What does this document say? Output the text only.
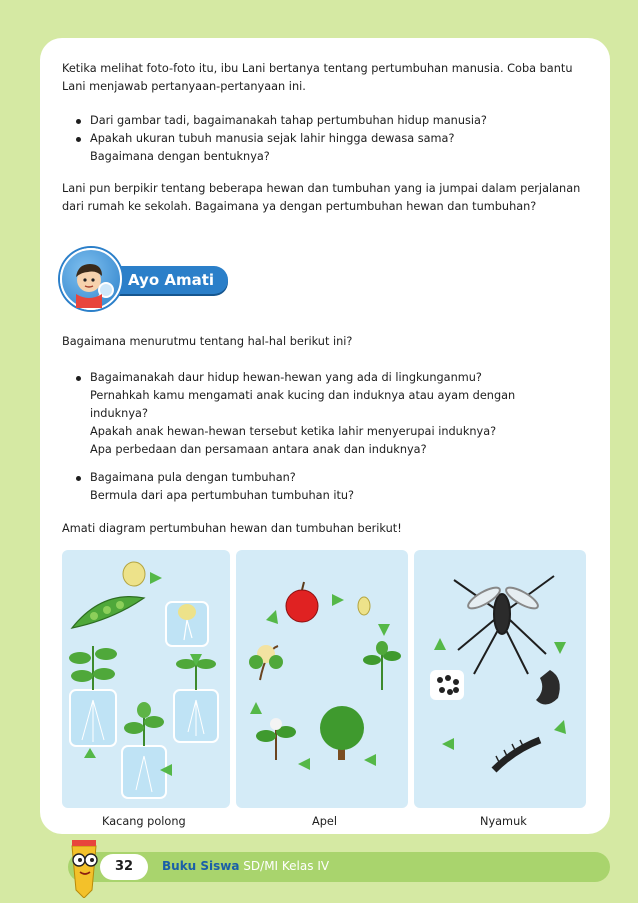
Ketika melihat foto-foto itu, ibu Lani bertanya tentang pertumbuhan manusia. Coba bantu

Lani menjawab pertanyaan-pertanyaan ini.

Dari gambar tadi, bagaimanakah tahap pertumbuhan hidup manusia?
Apakah ukuran tubuh manusia sejak lahir hingga dewasa sama?
Bagaimana dengan bentuknya?

Lani pun berpikir tentang beberapa hewan dan tumbuhan yang ia jumpai dalam perjalanan

dari rumah ke sekolah. Bagaimana ya dengan pertumbuhan hewan dan tumbuhan?

Ayo Amati

Bagaimana menurutmu tentang hal-hal berikut ini?

Bagaimanakah daur hidup hewan-hewan yang ada di lingkunganmu?
Pernahkah kamu mengamati anak kucing dan induknya atau ayam dengan
induknya?
Apakah anak hewan-hewan tersebut ketika lahir menyerupai induknya?
Apa perbedaan dan persamaan antara anak dan induknya?
Bagaimana pula dengan tumbuhan?
Bermula dari apa pertumbuhan tumbuhan itu?

Amati diagram pertumbuhan hewan dan tumbuhan berikut!

Kacang polong	Apel	Nyamuk
32	Buku Siswa SD/MI Kelas IV
